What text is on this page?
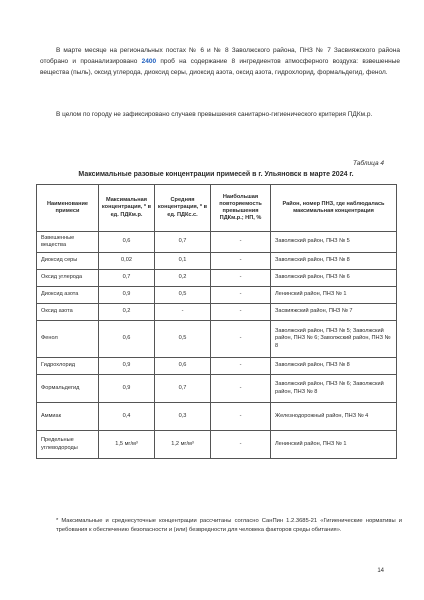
В марте месяце на региональных постах № 6 и № 8 Заволжского района, ПНЗ № 7 Засвияжского района отобрано и проанализировано 2400 проб на содержание 8 ингредиентов атмосферного воздуха: взвешенные вещества (пыль), оксид углерода, диоксид серы, диоксид азота, оксид азота, гидрохлорид, формальдегид, фенол.

В целом по городу не зафиксировано случаев превышения санитарно-гигиенического критерия ПДКм.р.

Таблица 4
Максимальные разовые концентрации примесей в г. Ульяновск в марте 2024 г.
Наименование примеси	Максимальная концентрация, * в ед. ПДКм.р.	Средняя концентрация, * в ед. ПДКс.с.	Наибольшая повторяемость превышения ПДКм.р.; НП, %	Район, номер ПНЗ, где наблюдалась максимальная концентрация
Взвешенные вещества	0,6	0,7	-	Заволжский район, ПНЗ № 5
Диоксид серы	0,02	0,1	-	Заволжский район, ПНЗ № 8
Оксид углерода	0,7	0,2	-	Заволжский район, ПНЗ № 6
Диоксид азота	0,9	0,5	-	Ленинский район, ПНЗ № 1
Оксид азота	0,2	-	-	Засвияжский район, ПНЗ № 7
Фенол	0,6	0,5	-	Заволжский район, ПНЗ № 5; Заволжский район, ПНЗ № 6; Заволжский район, ПНЗ № 8
Гидрохлорид	0,9	0,6	-	Заволжский район, ПНЗ № 8
Формальдегид	0,9	0,7	-	Заволжский район, ПНЗ № 6; Заволжский район, ПНЗ № 8
Аммиак	0,4	0,3	-	Железнодорожный район, ПНЗ № 4
Предельные углеводороды	1,5 мг/м³	1,2 мг/м³	-	Ленинский район, ПНЗ № 1

* Максимальные и среднесуточные концентрации рассчитаны согласно СанПин 1.2.3685-21 «Гигиенические нормативы и требования к обеспечению безопасности и (или) безвредности для человека факторов среды обитания».

14
